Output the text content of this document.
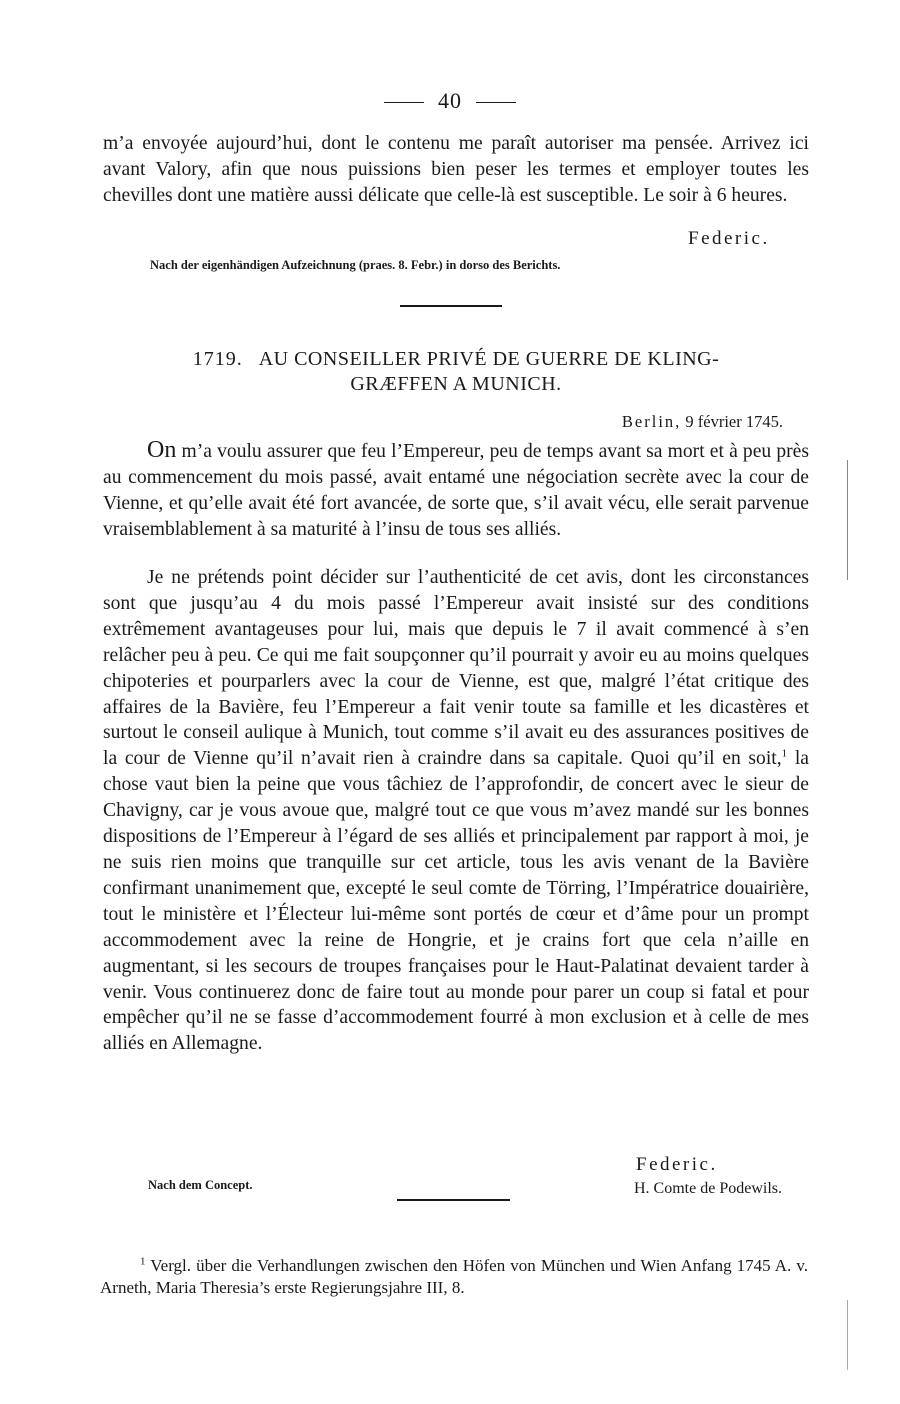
40

m’a envoyée aujourd’hui, dont le contenu me paraît autoriser ma pensée. Arrivez ici avant Valory, afin que nous puissions bien peser les termes et employer toutes les chevilles dont une matière aussi délicate que celle-là est susceptible. Le soir à 6 heures.

Federic.
Nach der eigenhändigen Aufzeichnung (praes. 8. Febr.) in dorso des Berichts.
1719. AU CONSEILLER PRIVÉ DE GUERRE DE KLING-
GRÆFFEN A MUNICH.
Berlin, 9 février 1745.

On m’a voulu assurer que feu l’Empereur, peu de temps avant sa mort et à peu près au commencement du mois passé, avait entamé une négociation secrète avec la cour de Vienne, et qu’elle avait été fort avancée, de sorte que, s’il avait vécu, elle serait parvenue vraisemblablement à sa maturité à l’insu de tous ses alliés.

Je ne prétends point décider sur l’authenticité de cet avis, dont les circonstances sont que jusqu’au 4 du mois passé l’Empereur avait insisté sur des conditions extrêmement avantageuses pour lui, mais que depuis le 7 il avait commencé à s’en relâcher peu à peu. Ce qui me fait soupçonner qu’il pourrait y avoir eu au moins quelques chipoteries et pourparlers avec la cour de Vienne, est que, malgré l’état critique des affaires de la Bavière, feu l’Empereur a fait venir toute sa famille et les dicastères et surtout le conseil aulique à Munich, tout comme s’il avait eu des assurances positives de la cour de Vienne qu’il n’avait rien à craindre dans sa capitale. Quoi qu’il en soit,$^1$ la chose vaut bien la peine que vous tâchiez de l’approfondir, de concert avec le sieur de Chavigny, car je vous avoue que, malgré tout ce que vous m’avez mandé sur les bonnes dispositions de l’Empereur à l’égard de ses alliés et principalement par rapport à moi, je ne suis rien moins que tranquille sur cet article, tous les avis venant de la Bavière confirmant unanimement que, excepté le seul comte de Törring, l’Impératrice douairière, tout le ministère et l’Électeur lui-même sont portés de cœur et d’âme pour un prompt accommodement avec la reine de Hongrie, et je crains fort que cela n’aille en augmentant, si les secours de troupes françaises pour le Haut-Palatinat devaient tarder à venir. Vous continuerez donc de faire tout au monde pour parer un coup si fatal et pour empêcher qu’il ne se fasse d’accommodement fourré à mon exclusion et à celle de mes alliés en Allemagne.

Federic.
Nach dem Concept.	H. Comte de Podewils.

$^1$ Vergl. über die Verhandlungen zwischen den Höfen von München und Wien Anfang 1745 A. v. Arneth, Maria Theresia’s erste Regierungsjahre III, 8.
